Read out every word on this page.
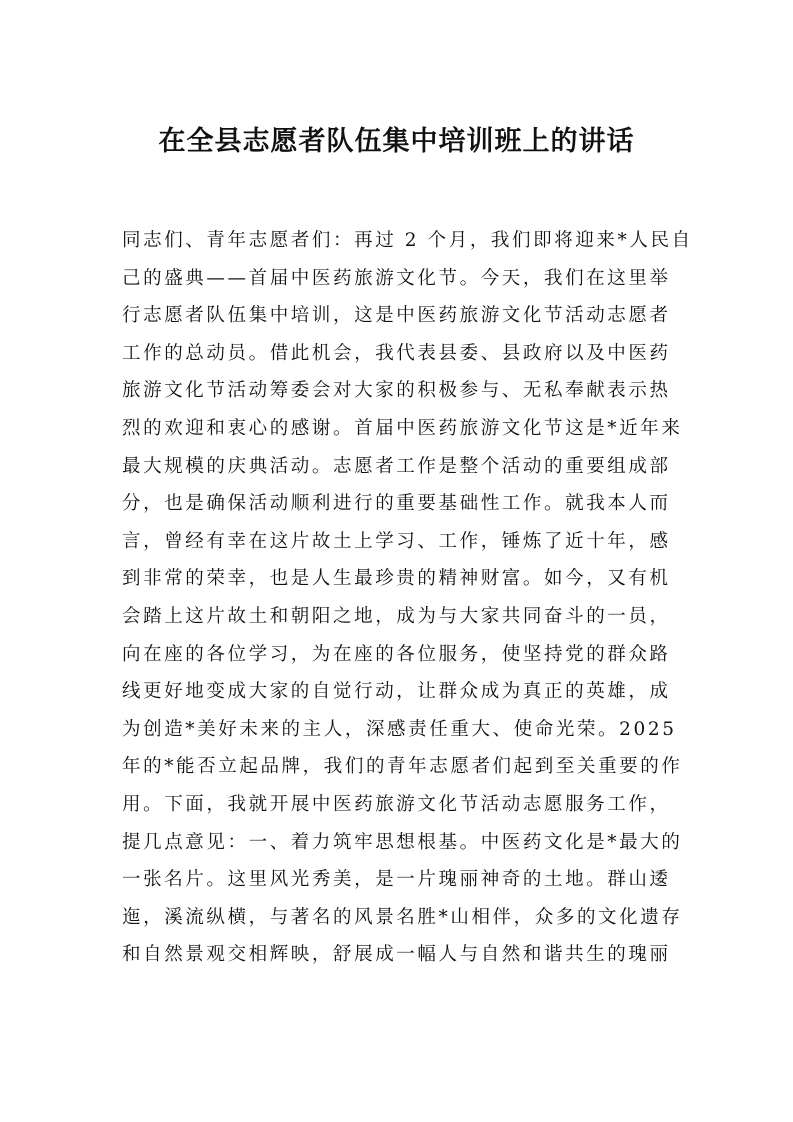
在全县志愿者队伍集中培训班上的讲话
同志们、青年志愿者们：再过 2 个月，我们即将迎来*人民自
己的盛典——首届中医药旅游文化节。今天，我们在这里举
行志愿者队伍集中培训，这是中医药旅游文化节活动志愿者
工作的总动员。借此机会，我代表县委、县政府以及中医药
旅游文化节活动筹委会对大家的积极参与、无私奉献表示热
烈的欢迎和衷心的感谢。首届中医药旅游文化节这是*近年来
最大规模的庆典活动。志愿者工作是整个活动的重要组成部
分，也是确保活动顺利进行的重要基础性工作。就我本人而
言，曾经有幸在这片故土上学习、工作，锤炼了近十年，感
到非常的荣幸，也是人生最珍贵的精神财富。如今，又有机
会踏上这片故土和朝阳之地，成为与大家共同奋斗的一员，
向在座的各位学习，为在座的各位服务，使坚持党的群众路
线更好地变成大家的自觉行动，让群众成为真正的英雄，成
为创造*美好未来的主人，深感责任重大、使命光荣。2025
年的*能否立起品牌，我们的青年志愿者们起到至关重要的作
用。下面，我就开展中医药旅游文化节活动志愿服务工作，
提几点意见：一、着力筑牢思想根基。中医药文化是*最大的
一张名片。这里风光秀美，是一片瑰丽神奇的土地。群山逶
迤，溪流纵横，与著名的风景名胜*山相伴，众多的文化遗存
和自然景观交相辉映，舒展成一幅人与自然和谐共生的瑰丽
